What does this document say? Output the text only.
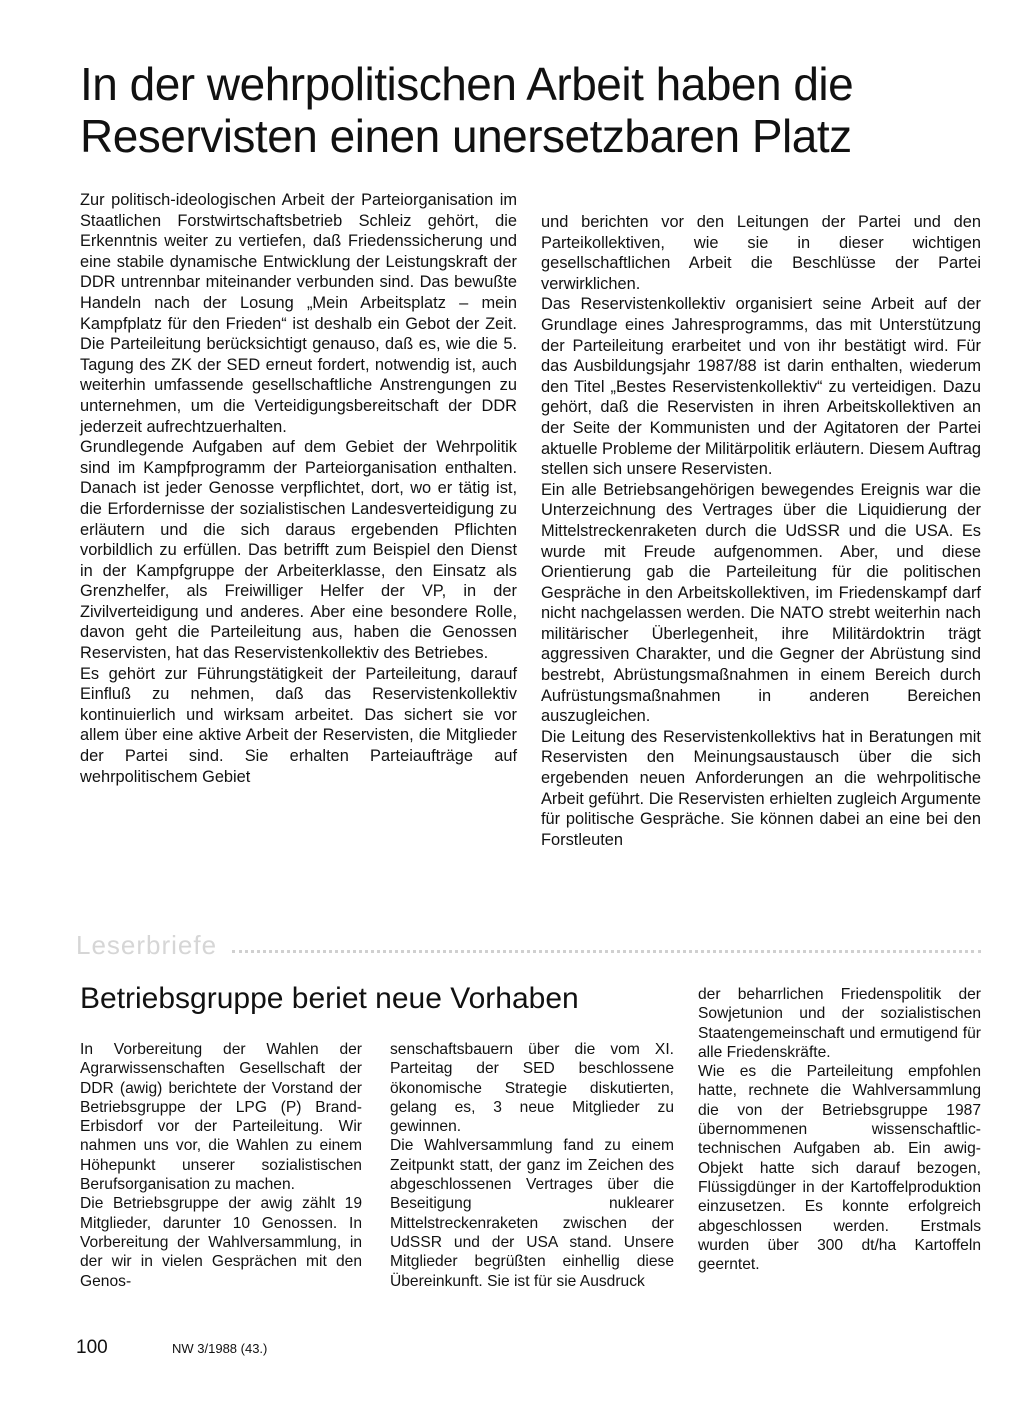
In der wehrpolitischen Arbeit haben die Reservisten einen unersetzbaren Platz

Zur politisch-ideologischen Arbeit der Parteiorganisation im Staatlichen Forstwirtschaftsbetrieb Schleiz gehört, die Erkenntnis weiter zu vertiefen, daß Friedenssicherung und eine stabile dynamische Entwicklung der Leistungskraft der DDR untrennbar miteinander verbunden sind. Das bewußte Handeln nach der Losung „Mein Arbeitsplatz – mein Kampfplatz für den Frieden“ ist deshalb ein Gebot der Zeit. Die Parteileitung berücksichtigt genauso, daß es, wie die 5. Tagung des ZK der SED erneut fordert, notwendig ist, auch weiterhin umfassende gesellschaftliche Anstrengungen zu unternehmen, um die Verteidigungsbereitschaft der DDR jederzeit aufrechtzuerhalten.

Grundlegende Aufgaben auf dem Gebiet der Wehrpolitik sind im Kampfprogramm der Parteiorganisation enthalten. Danach ist jeder Genosse verpflichtet, dort, wo er tätig ist, die Erfordernisse der sozialistischen Landesverteidigung zu erläutern und die sich daraus ergebenden Pflichten vorbildlich zu erfüllen. Das betrifft zum Beispiel den Dienst in der Kampfgruppe der Arbeiterklasse, den Einsatz als Grenzhelfer, als Freiwilliger Helfer der VP, in der Zivilverteidigung und anderes. Aber eine besondere Rolle, davon geht die Parteileitung aus, haben die Genossen Reservisten, hat das Reservistenkollektiv des Betriebes.

Es gehört zur Führungstätigkeit der Parteileitung, darauf Einfluß zu nehmen, daß das Reservistenkollektiv kontinuierlich und wirksam arbeitet. Das sichert sie vor allem über eine aktive Arbeit der Reservisten, die Mitglieder der Partei sind. Sie erhalten Parteiaufträge auf wehrpolitischem Gebiet

und berichten vor den Leitungen der Partei und den Parteikollektiven, wie sie in dieser wichtigen gesellschaftlichen Arbeit die Beschlüsse der Partei verwirklichen.

Das Reservistenkollektiv organisiert seine Arbeit auf der Grundlage eines Jahresprogramms, das mit Unterstützung der Parteileitung erarbeitet und von ihr bestätigt wird. Für das Ausbildungsjahr 1987/88 ist darin enthalten, wiederum den Titel „Bestes Reservistenkollektiv“ zu verteidigen. Dazu gehört, daß die Reservisten in ihren Arbeitskollektiven an der Seite der Kommunisten und der Agitatoren der Partei aktuelle Probleme der Militärpolitik erläutern. Diesem Auftrag stellen sich unsere Reservisten.

Ein alle Betriebsangehörigen bewegendes Ereignis war die Unterzeichnung des Vertrages über die Liquidierung der Mittelstreckenraketen durch die UdSSR und die USA. Es wurde mit Freude aufgenommen. Aber, und diese Orientierung gab die Parteileitung für die politischen Gespräche in den Arbeitskollektiven, im Friedenskampf darf nicht nachgelassen werden. Die NATO strebt weiterhin nach militärischer Überlegenheit, ihre Militärdoktrin trägt aggressiven Charakter, und die Gegner der Abrüstung sind bestrebt, Abrüstungsmaßnahmen in einem Bereich durch Aufrüstungsmaßnahmen in anderen Bereichen auszugleichen.

Die Leitung des Reservistenkollektivs hat in Beratungen mit Reservisten den Meinungsaustausch über die sich ergebenden neuen Anforderungen an die wehrpolitische Arbeit geführt. Die Reservisten erhielten zugleich Argumente für politische Gespräche. Sie können dabei an eine bei den Forstleuten

Leserbriefe
Betriebsgruppe beriet neue Vorhaben

In Vorbereitung der Wahlen der Agrarwissenschaften Gesellschaft der DDR (awig) berichtete der Vorstand der Betriebsgruppe der LPG (P) Brand-Erbisdorf vor der Parteileitung. Wir nahmen uns vor, die Wahlen zu einem Höhepunkt unserer sozialistischen Berufsorganisation zu machen.

Die Betriebsgruppe der awig zählt 19 Mitglieder, darunter 10 Genossen. In Vorbereitung der Wahlversammlung, in der wir in vielen Gesprächen mit den Genos-

senschaftsbauern über die vom XI. Parteitag der SED beschlossene ökonomische Strategie diskutierten, gelang es, 3 neue Mitglieder zu gewinnen.

Die Wahlversammlung fand zu einem Zeitpunkt statt, der ganz im Zeichen des abgeschlossenen Vertrages über die Beseitigung nuklearer Mittelstreckenraketen zwischen der UdSSR und der USA stand. Unsere Mitglieder begrüßten einhellig diese Übereinkunft. Sie ist für sie Ausdruck

der beharrlichen Friedenspolitik der Sowjetunion und der sozialistischen Staatengemeinschaft und ermutigend für alle Friedenskräfte.

Wie es die Parteileitung empfohlen hatte, rechnete die Wahlversammlung die von der Betriebsgruppe 1987 übernommenen wissenschaftlic-technischen Aufgaben ab. Ein awig-Objekt hatte sich darauf bezogen, Flüssigdünger in der Kartoffelproduktion einzusetzen. Es konnte erfolgreich abgeschlossen werden. Erstmals wurden über 300 dt/ha Kartoffeln geerntet.

100	NW 3/1988 (43.)
